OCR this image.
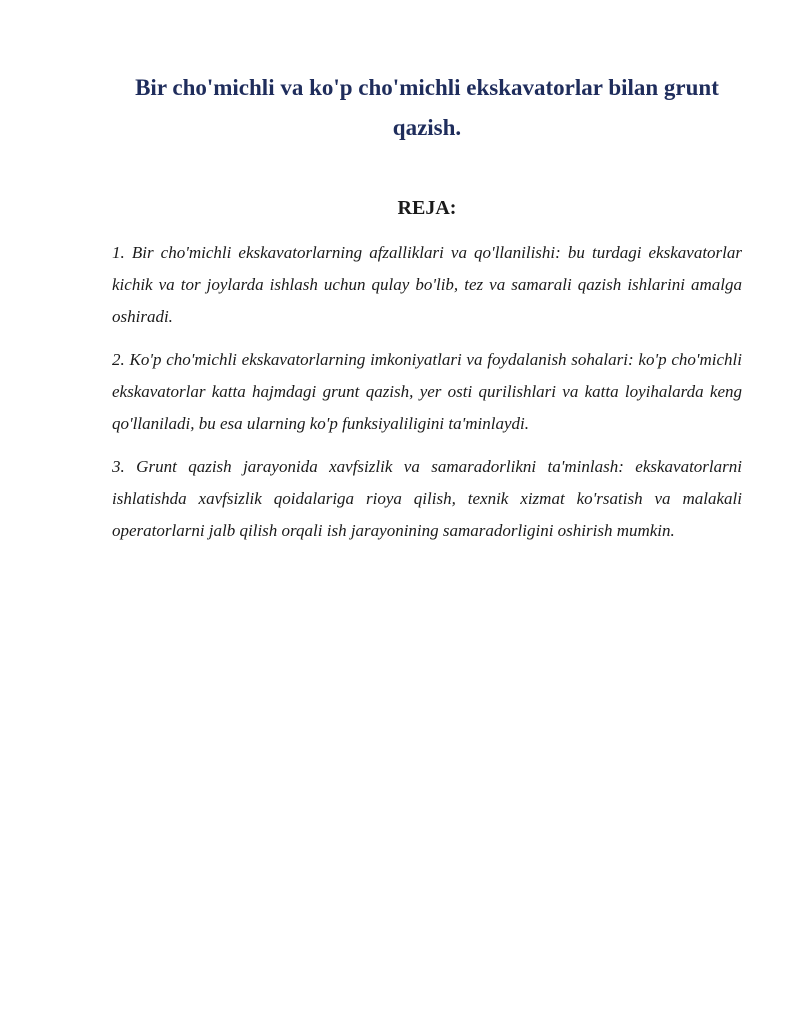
Bir cho'michli va ko'p cho'michli ekskavatorlar bilan grunt qazish.
REJA:
1. Bir cho'michli ekskavatorlarning afzalliklari va qo'llanilishi: bu turdagi ekskavatorlar kichik va tor joylarda ishlash uchun qulay bo'lib, tez va samarali qazish ishlarini amalga oshiradi.
2. Ko'p cho'michli ekskavatorlarning imkoniyatlari va foydalanish sohalari: ko'p cho'michli ekskavatorlar katta hajmdagi grunt qazish, yer osti qurilishlari va katta loyihalarda keng qo'llaniladi, bu esa ularning ko'p funksiyaliligini ta'minlaydi.
3. Grunt qazish jarayonida xavfsizlik va samaradorlikni ta'minlash: ekskavatorlarni ishlatishda xavfsizlik qoidalariga rioya qilish, texnik xizmat ko'rsatish va malakali operatorlarni jalb qilish orqali ish jarayonining samaradorligini oshirish mumkin.
